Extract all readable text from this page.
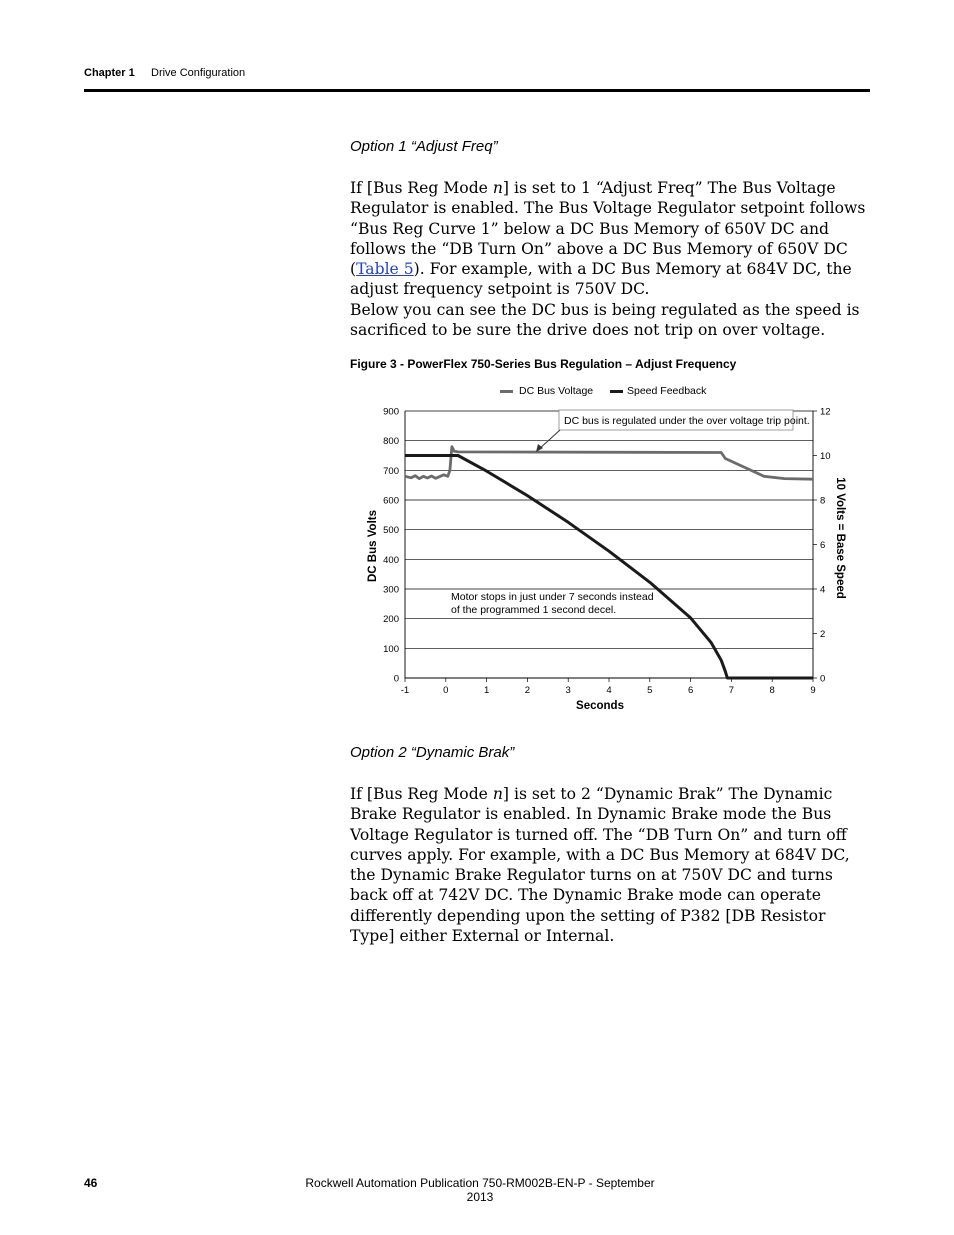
Chapter 1 Drive Configuration
Option 1 “Adjust Freq”

If [Bus Reg Mode n] is set to 1 “Adjust Freq” The Bus Voltage Regulator is enabled. The Bus Voltage Regulator setpoint follows “Bus Reg Curve 1” below a DC Bus Memory of 650V DC and follows the “DB Turn On” above a DC Bus Memory of 650V DC (Table 5). For example, with a DC Bus Memory at 684V DC, the adjust frequency setpoint is 750V DC.

Below you can see the DC bus is being regulated as the speed is sacrificed to be sure the drive does not trip on over voltage.

Figure 3 - PowerFlex 750-Series Bus Regulation – Adjust Frequency
DC Bus Voltage	Speed Feedback
0
100
200
300
400
500
600
700
800
900
0
2
4
6
8
10
12
-1	0	1	2	3	4	5	6	7	8	9
DC bus is regulated under the over voltage trip point.
Motor stops in just under 7 seconds instead
of the programmed 1 second decel.
Seconds
DC Bus Volts	10 Volts = Base Speed
Option 2 “Dynamic Brak”

If [Bus Reg Mode n] is set to 2 “Dynamic Brak” The Dynamic Brake Regulator is enabled. In Dynamic Brake mode the Bus Voltage Regulator is turned off. The “DB Turn On” and turn off curves apply. For example, with a DC Bus Memory at 684V DC, the Dynamic Brake Regulator turns on at 750V DC and turns back off at 742V DC. The Dynamic Brake mode can operate differently depending upon the setting of P382 [DB Resistor Type] either External or Internal.

46	Rockwell Automation Publication 750-RM002B-EN-P - September 2013
